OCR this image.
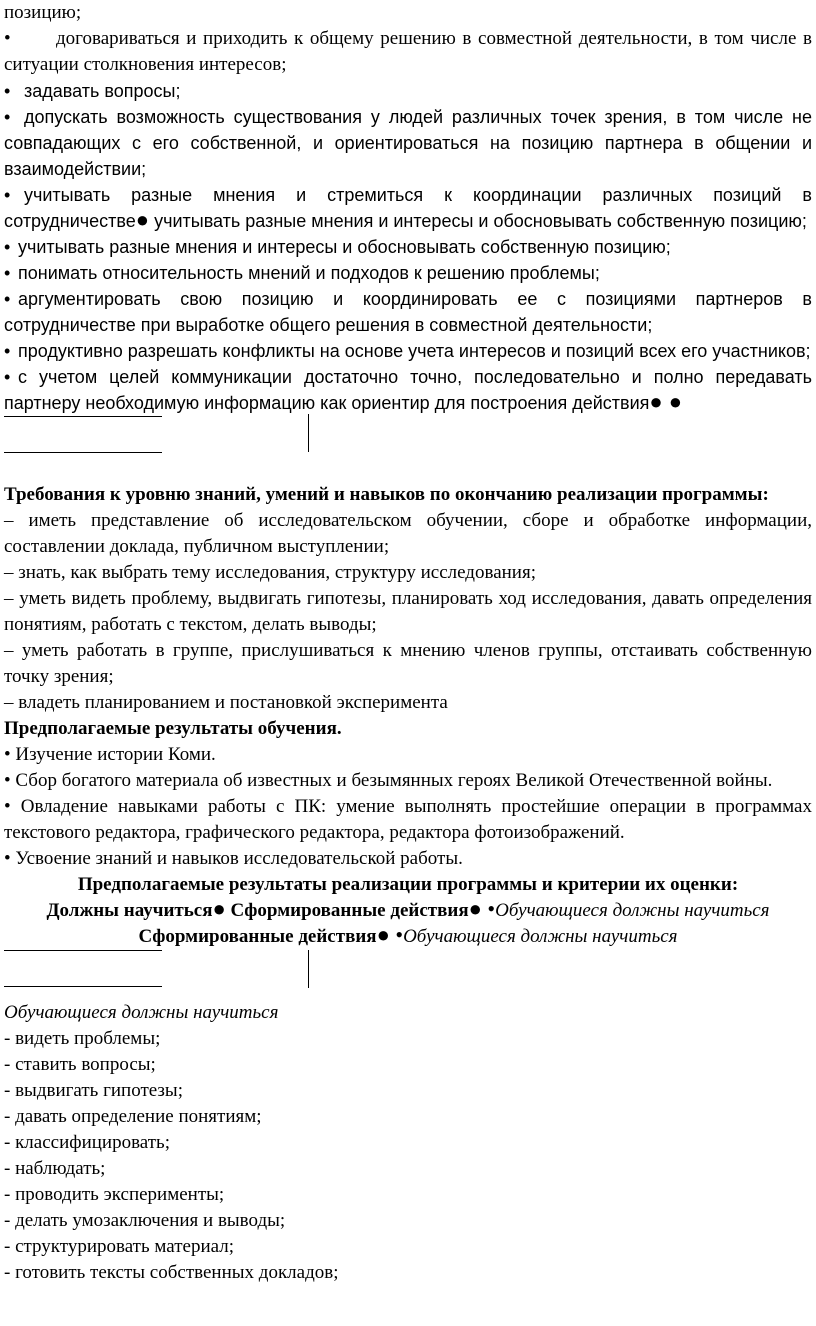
позицию;

• договариваться и приходить к общему решению в совместной деятельности, в том числе в ситуации столкновения интересов;

• задавать вопросы;

• допускать возможность существования у людей различных точек зрения, в том числе не совпадающих с его собственной, и ориентироваться на позицию партнера в общении и взаимодействии;

• учитывать разные мнения и стремиться к координации различных позиций в сотрудничестве● учитывать разные мнения и интересы и обосновывать собственную позицию;

• учитывать разные мнения и интересы и обосновывать собственную позицию;

• понимать относительность мнений и подходов к решению проблемы;

• аргументировать свою позицию и координировать ее с позициями партнеров в сотрудничестве при выработке общего решения в совместной деятельности;

• продуктивно разрешать конфликты на основе учета интересов и позиций всех его участников;

• с учетом целей коммуникации достаточно точно, последовательно и полно передавать партнеру необходимую информацию как ориентир для построения действия● ●

Требования к уровню знаний, умений и навыков по окончанию реализации программы:

– иметь представление об исследовательском обучении, сборе и обработке информации, составлении доклада, публичном выступлении;

– знать, как выбрать тему исследования, структуру исследования;

– уметь видеть проблему, выдвигать гипотезы, планировать ход исследования, давать определения понятиям, работать с текстом, делать выводы;

– уметь работать в группе, прислушиваться к мнению членов группы, отстаивать собственную точку зрения;

– владеть планированием и постановкой эксперимента

Предполагаемые результаты обучения.

• Изучение истории Коми.

• Сбор богатого материала об известных и безымянных героях Великой Отечественной войны.

• Овладение навыками работы с ПК: умение выполнять простейшие операции в программах текстового редактора, графического редактора, редактора фотоизображений.

• Усвоение знаний и навыков исследовательской работы.

Предполагаемые результаты реализации программы и критерии их оценки:

Должны научиться● Сформированные действия● •Обучающиеся должны научиться

Сформированные действия● •Обучающиеся должны научиться

Обучающиеся должны научиться

- видеть проблемы;

- ставить вопросы;

- выдвигать гипотезы;

- давать определение понятиям;

- классифицировать;

- наблюдать;

- проводить эксперименты;

- делать умозаключения и выводы;

- структурировать материал;

- готовить тексты собственных докладов;
